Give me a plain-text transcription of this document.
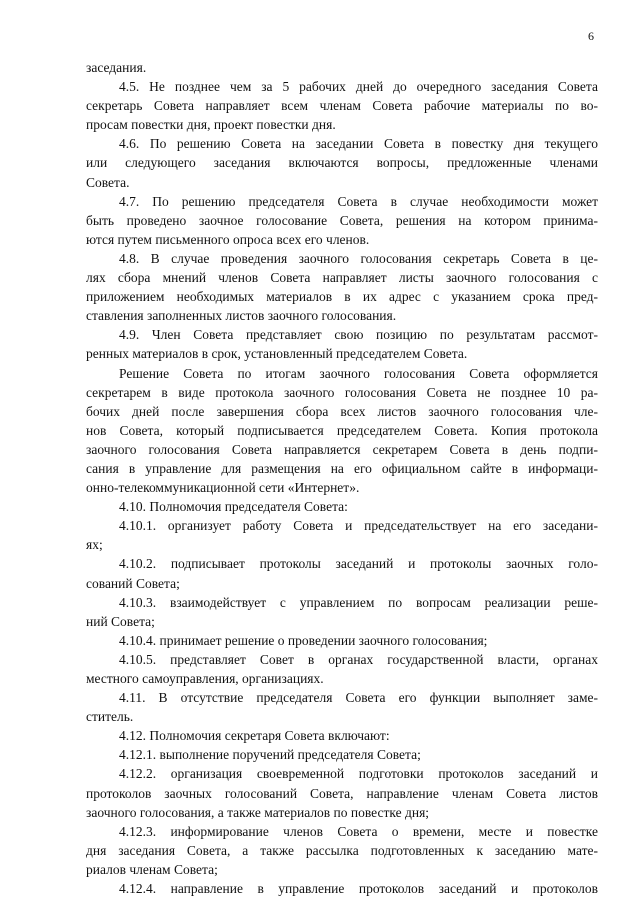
6
заседания.
4.5. Не позднее чем за 5 рабочих дней до очередного заседания Совета
секретарь Совета направляет всем членам Совета рабочие материалы по во-
просам повестки дня, проект повестки дня.
4.6. По решению Совета на заседании Совета в повестку дня текущего
или следующего заседания включаются вопросы, предложенные членами
Совета.
4.7. По решению председателя Совета в случае необходимости может
быть проведено заочное голосование Совета, решения на котором принима-
ются путем письменного опроса всех его членов.
4.8. В случае проведения заочного голосования секретарь Совета в це-
лях сбора мнений членов Совета направляет листы заочного голосования с
приложением необходимых материалов в их адрес с указанием срока пред-
ставления заполненных листов заочного голосования.
4.9. Член Совета представляет свою позицию по результатам рассмот-
ренных материалов в срок, установленный председателем Совета.
Решение Совета по итогам заочного голосования Совета оформляется
секретарем в виде протокола заочного голосования Совета не позднее 10 ра-
бочих дней после завершения сбора всех листов заочного голосования чле-
нов Совета, который подписывается председателем Совета. Копия протокола
заочного голосования Совета направляется секретарем Совета в день подпи-
сания в управление для размещения на его официальном сайте в информаци-
онно-телекоммуникационной сети «Интернет».
4.10. Полномочия председателя Совета:
4.10.1. организует работу Совета и председательствует на его заседани-
ях;
4.10.2. подписывает протоколы заседаний и протоколы заочных голо-
сований Совета;
4.10.3. взаимодействует с управлением по вопросам реализации реше-
ний Совета;
4.10.4. принимает решение о проведении заочного голосования;
4.10.5. представляет Совет в органах государственной власти, органах
местного самоуправления, организациях.
4.11. В отсутствие председателя Совета его функции выполняет заме-
ститель.
4.12. Полномочия секретаря Совета включают:
4.12.1. выполнение поручений председателя Совета;
4.12.2. организация своевременной подготовки протоколов заседаний и
протоколов заочных голосований Совета, направление членам Совета листов
заочного голосования, а также материалов по повестке дня;
4.12.3. информирование членов Совета о времени, месте и повестке
дня заседания Совета, а также рассылка подготовленных к заседанию мате-
риалов членам Совета;
4.12.4. направление в управление протоколов заседаний и протоколов
